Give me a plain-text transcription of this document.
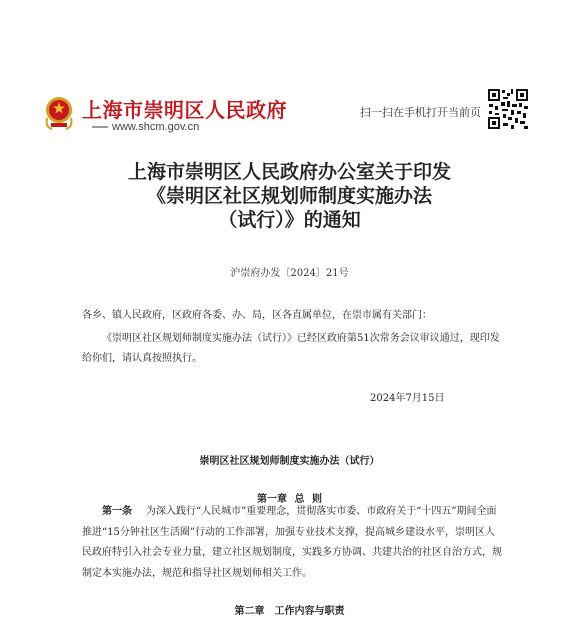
上海市崇明区人民政府
www.shcm.gov.cn
扫一扫在手机打开当前页
上海市崇明区人民政府办公室关于印发
《崇明区社区规划师制度实施办法
（试行）》的通知
沪崇府办发〔2024〕21号
各乡、镇人民政府，区政府各委、办、局，区各直属单位，在崇市属有关部门：
《崇明区社区规划师制度实施办法（试行）》已经区政府第51次常务会议审议通过，现印发给你们，请认真按照执行。
2024年7月15日
崇明区社区规划师制度实施办法（试行）
第一章 总 则
第一条 为深入践行“人民城市”重要理念，贯彻落实市委、市政府关于“十四五”期间全面推进“15分钟社区生活圈”行动的工作部署，加强专业技术支撑，提高城乡建设水平，崇明区人民政府特引入社会专业力量，建立社区规划制度，实践多方协调、共建共治的社区自治方式，规制定本实施办法，规范和指导社区规划师相关工作。
第二章　工作内容与职责
